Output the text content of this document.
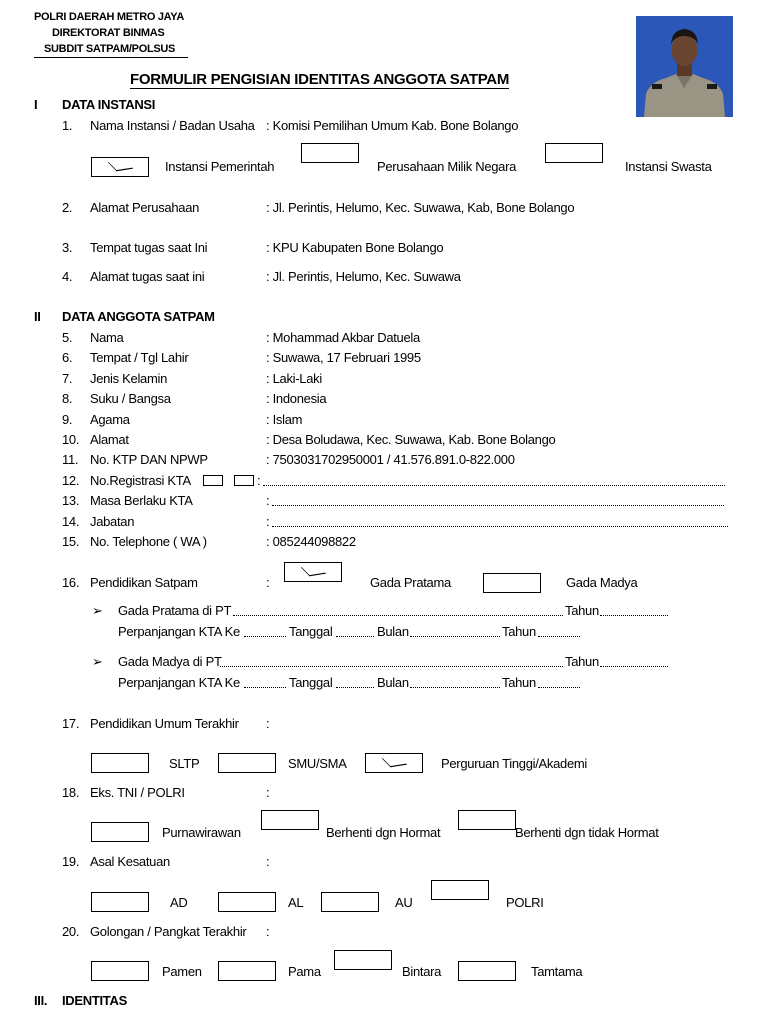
POLRI DAERAH METRO JAYA
DIREKTORAT BINMAS
SUBDIT SATPAM/POLSUS
FORMULIR PENGISIAN IDENTITAS ANGGOTA SATPAM
I DATA INSTANSI
1. Nama Instansi / Badan Usaha : Komisi Pemilihan Umum Kab. Bone Bolango
Instansi Pemerintah	Perusahaan Milik Negara	Instansi Swasta
2. Alamat Perusahaan	: Jl. Perintis, Helumo, Kec. Suwawa, Kab, Bone Bolango
3. Tempat tugas saat Ini	: KPU Kabupaten Bone Bolango
4. Alamat tugas saat ini	: Jl. Perintis, Helumo, Kec. Suwawa
II DATA ANGGOTA SATPAM
5. Nama	: Mohammad Akbar Datuela
6. Tempat / Tgl Lahir	: Suwawa, 17 Februari 1995
7. Jenis Kelamin	: Laki-Laki
8. Suku / Bangsa	: Indonesia
9. Agama	: Islam
10. Alamat	: Desa Boludawa, Kec. Suwawa, Kab. Bone Bolango
11. No. KTP DAN NPWP	: 7503031702950001 / 41.576.891.0-822.000
12. No.Registrasi KTA	:
13. Masa Berlaku KTA	:
14. Jabatan	:
15. No. Telephone ( WA )	: 085244098822
16. Pendidikan Satpam	:	Gada Pratama	Gada Madya
➢ Gada Pratama di PT	Tahun
Perpanjangan KTA Ke	Tanggal	Bulan	Tahun
➢ Gada Madya di PT	Tahun
Perpanjangan KTA Ke	Tanggal	Bulan	Tahun
17. Pendidikan Umum Terakhir :
SLTP	SMU/SMA	Perguruan Tinggi/Akademi
18. Eks. TNI / POLRI	:
Purnawirawan	Berhenti dgn Hormat	Berhenti dgn tidak Hormat
19. Asal Kesatuan	:
AD	AL	AU	POLRI
20. Golongan / Pangkat Terakhir :
Pamen	Pama	Bintara	Tamtama
III. IDENTITAS
